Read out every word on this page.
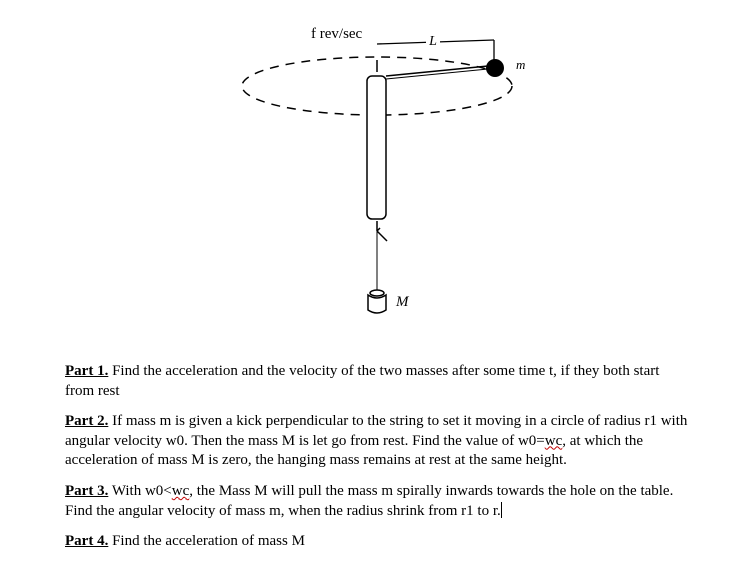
L
m
f rev/sec
M

Part 1. Find the acceleration and the velocity of the two masses after some time t, if they both start from rest

Part 2. If mass m is given a kick perpendicular to the string to set it moving in a circle of radius r1 with angular velocity w0. Then the mass M is let go from rest. Find the value of w0=wc, at which the acceleration of mass M is zero, the hanging mass remains at rest at the same height.

Part 3. With w0<wc, the Mass M will pull the mass m spirally inwards towards the hole on the table. Find the angular velocity of mass m, when the radius shrink from r1 to r.

Part 4. Find the acceleration of mass M
